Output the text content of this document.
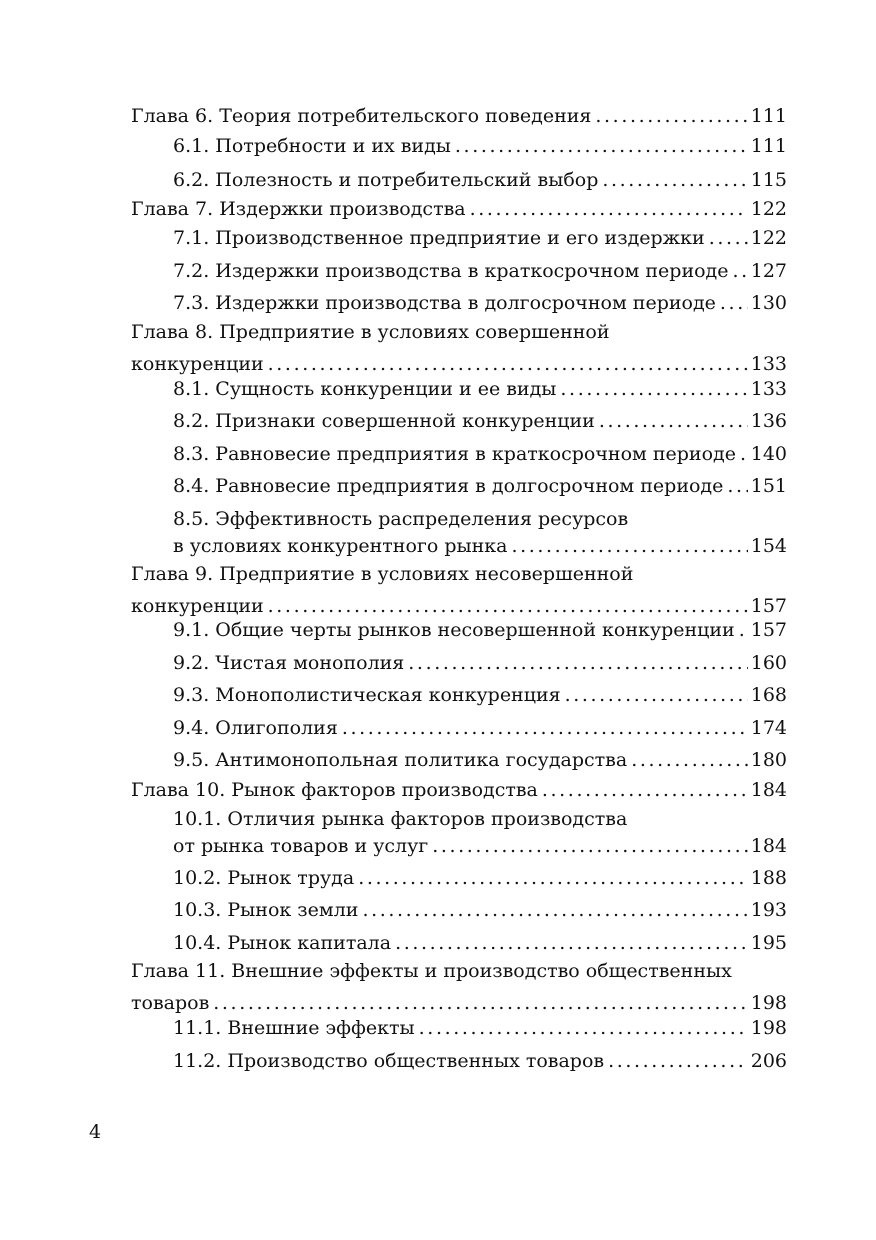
Глава 6. Теория потребительского поведения .....	111
6.1. Потребности и их виды .....	111
6.2. Полезность и потребительский выбор .....	115
Глава 7. Издержки производства .....	122
7.1. Производственное предприятие и его издержки ..... 122
7.2. Издержки производства в краткосрочном периоде ..... 127
7.3. Издержки производства в долгосрочном периоде ..... 130
Глава 8. Предприятие в условиях совершенной
конкуренции .....	133
8.1. Сущность конкуренции и ее виды .....	133
8.2. Признаки совершенной конкуренции .....	136
8.3. Равновесие предприятия в краткосрочном периоде ..... 140
8.4. Равновесие предприятия в долгосрочном периоде ..... 151
8.5. Эффективность распределения ресурсов
в условиях конкурентного рынка .....	154
Глава 9. Предприятие в условиях несовершенной
конкуренции .....	157
9.1. Общие черты рынков несовершенной конкуренции ..... 157
9.2. Чистая монополия .....	160
9.3. Монополистическая конкуренция .....	168
9.4. Олигополия .....	174
9.5. Антимонопольная политика государства .....	180
Глава 10. Рынок факторов производства .....	184
10.1. Отличия рынка факторов производства
от рынка товаров и услуг .....	184
10.2. Рынок труда .....	188
10.3. Рынок земли .....	193
10.4. Рынок капитала .....	195
Глава 11. Внешние эффекты и производство общественных
товаров .....	198
11.1. Внешние эффекты .....	198
11.2. Производство общественных товаров .....	206
4
